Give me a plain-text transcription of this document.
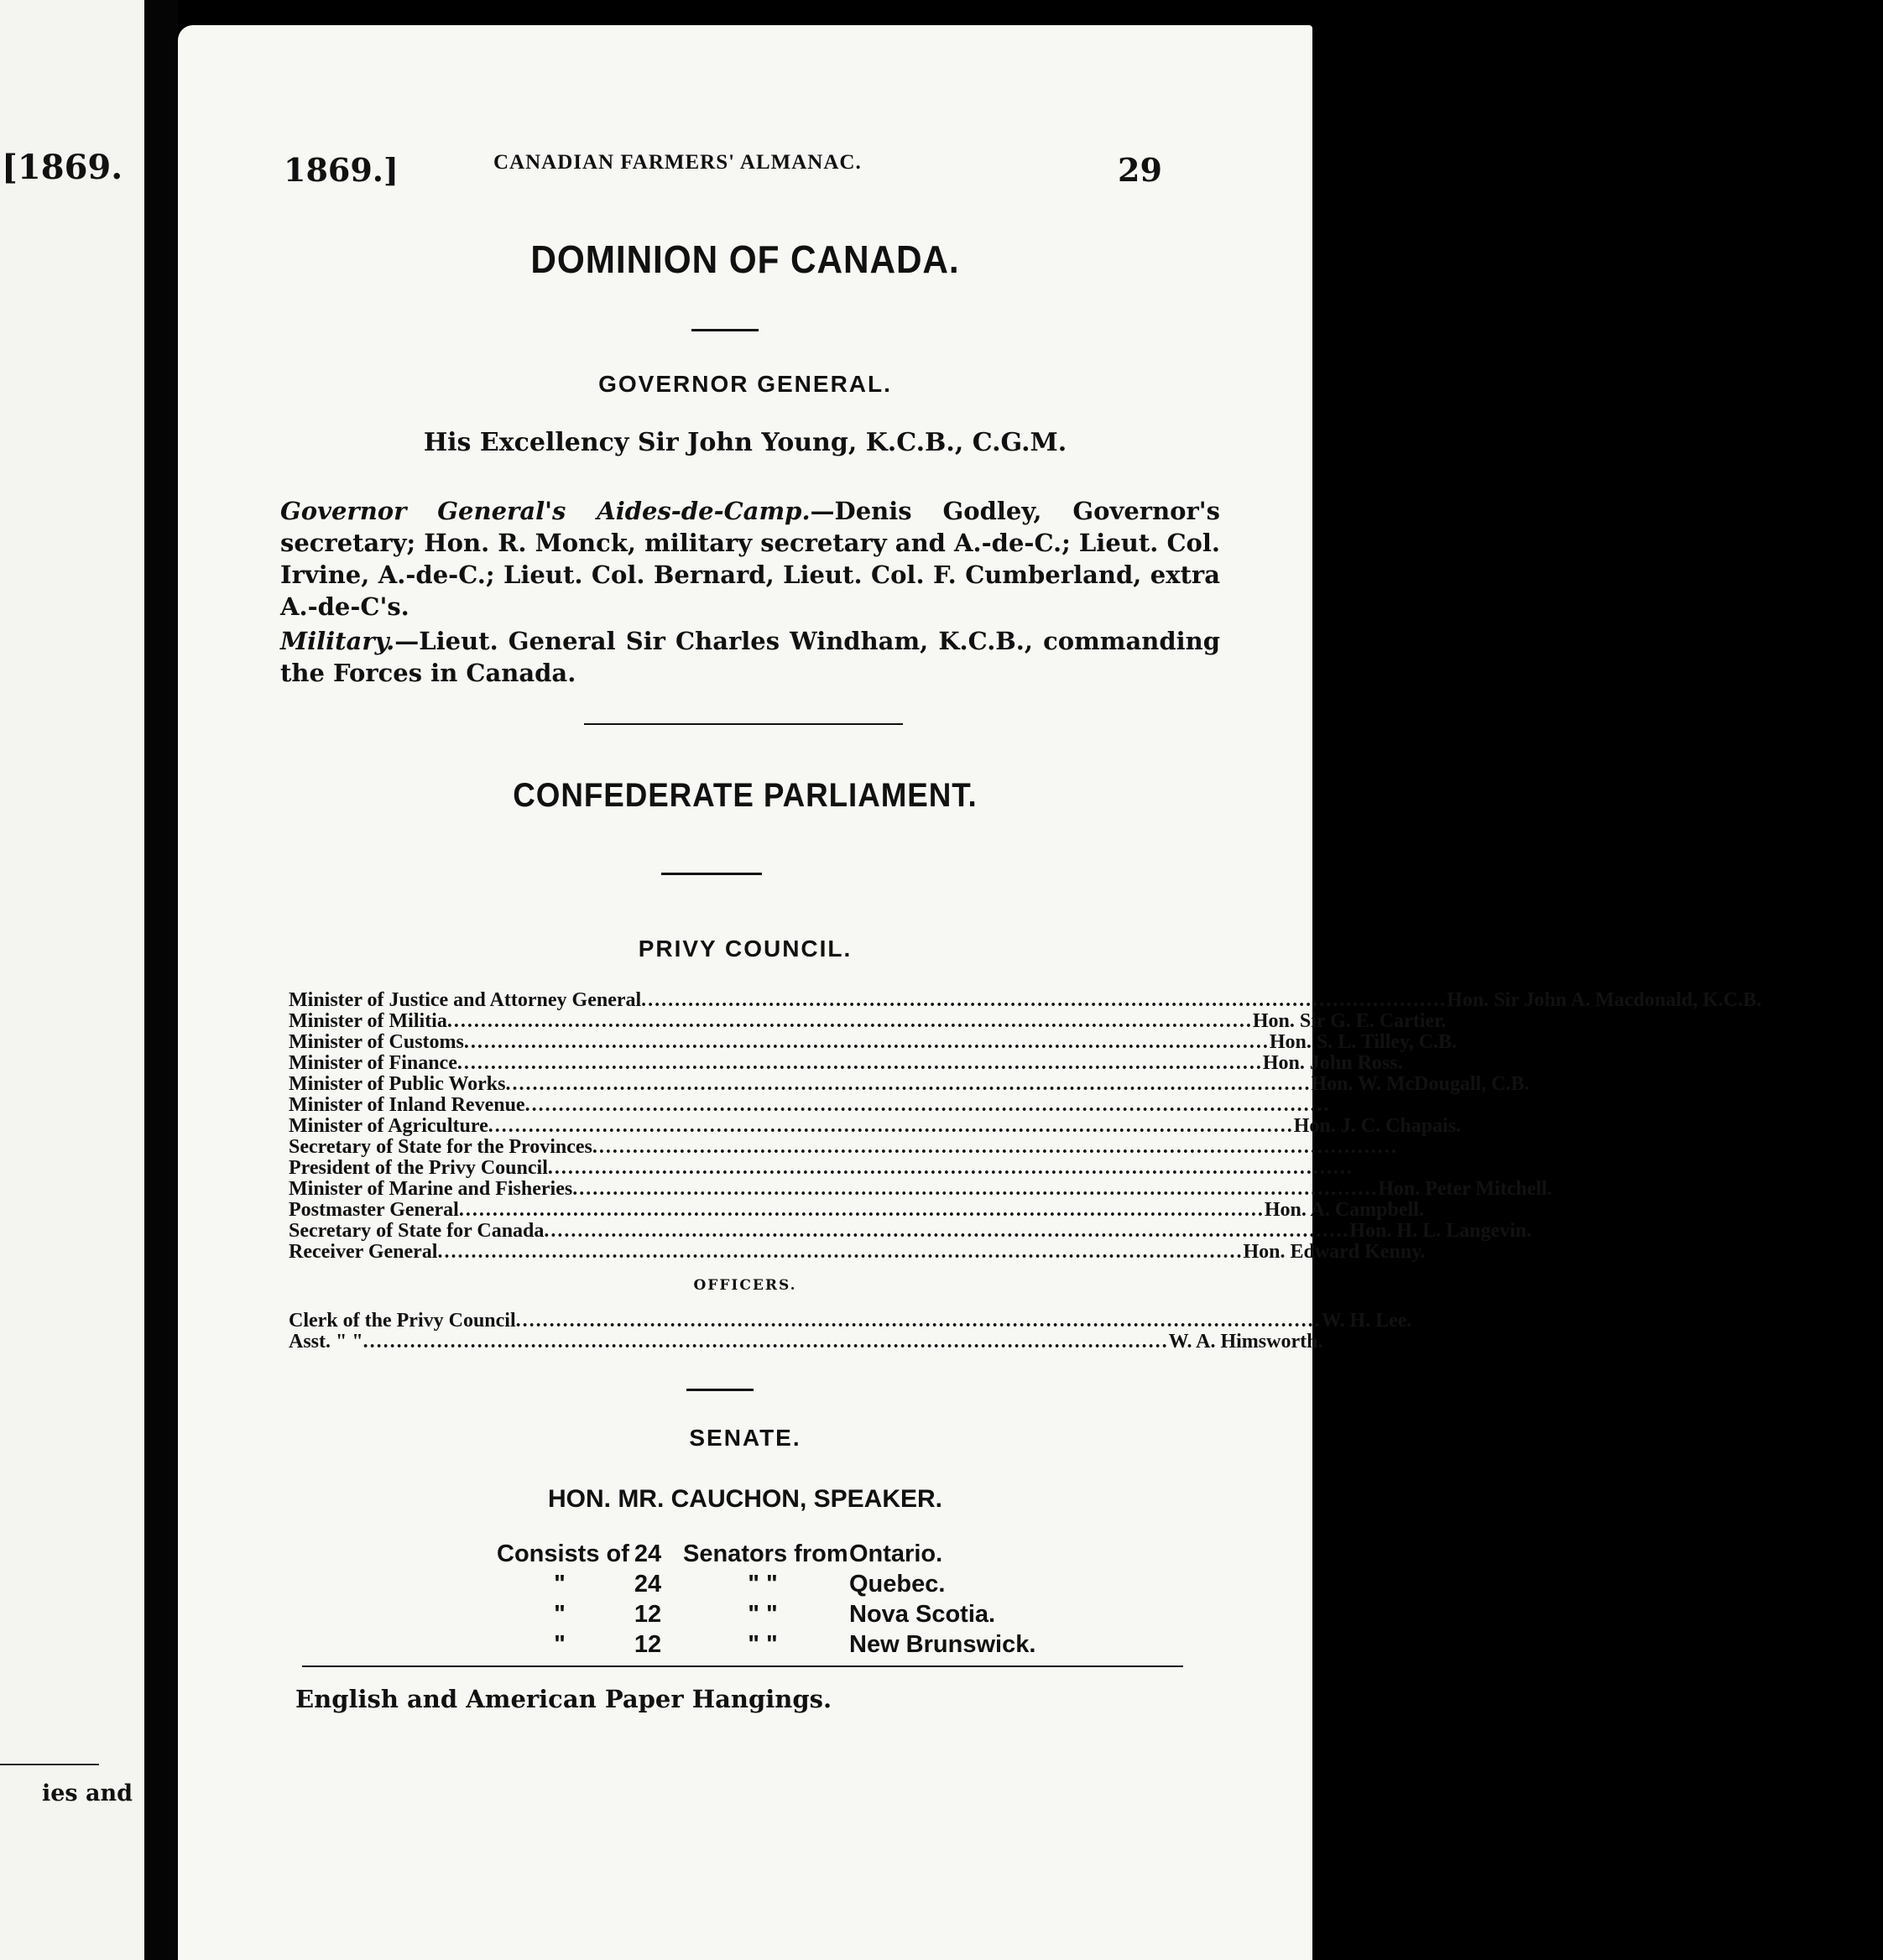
[1869.
ies and
1869.]	CANADIAN FARMERS' ALMANAC.	29
DOMINION OF CANADA.
GOVERNOR GENERAL.
His Excellency Sir John Young, K.C.B., C.G.M.
Governor General's Aides-de-Camp.—Denis Godley, Governor's secretary; Hon. R. Monck, military secretary and A.-de-C.; Lieut. Col. Irvine, A.-de-C.; Lieut. Col. Bernard, Lieut. Col. F. Cumberland, extra A.-de-C's.
Military.—Lieut. General Sir Charles Windham, K.C.B., commanding the Forces in Canada.
CONFEDERATE PARLIAMENT.
PRIVY COUNCIL.
Minister of Justice and Attorney General ........................................................................................................................ Hon. Sir John A. Macdonald, K.C.B.
Minister of Militia ........................................................................................................................ Hon. Sir G. E. Cartier.
Minister of Customs ........................................................................................................................ Hon. S. L. Tilley, C.B.
Minister of Finance ........................................................................................................................ Hon. John Ross.
Minister of Public Works ........................................................................................................................ Hon. W. McDougall, C.B.
Minister of Inland Revenue ........................................................................................................................
Minister of Agriculture ........................................................................................................................ Hon. J. C. Chapais.
Secretary of State for the Provinces ........................................................................................................................
President of the Privy Council ........................................................................................................................
Minister of Marine and Fisheries ........................................................................................................................ Hon. Peter Mitchell.
Postmaster General ........................................................................................................................ Hon. A. Campbell.
Secretary of State for Canada ........................................................................................................................ Hon. H. L. Langevin.
Receiver General ........................................................................................................................ Hon. Edward Kenny.
OFFICERS.
Clerk of the Privy Council ........................................................................................................................ W. H. Lee.
Asst. " " ........................................................................................................................ W. A. Himsworth.
SENATE.
HON. MR. CAUCHON, SPEAKER.
Consists of 24 Senators from Ontario.
"	24	" "	Quebec.
"	12	" "	Nova Scotia.
"	12	" "	New Brunswick.
English and American Paper Hangings.
